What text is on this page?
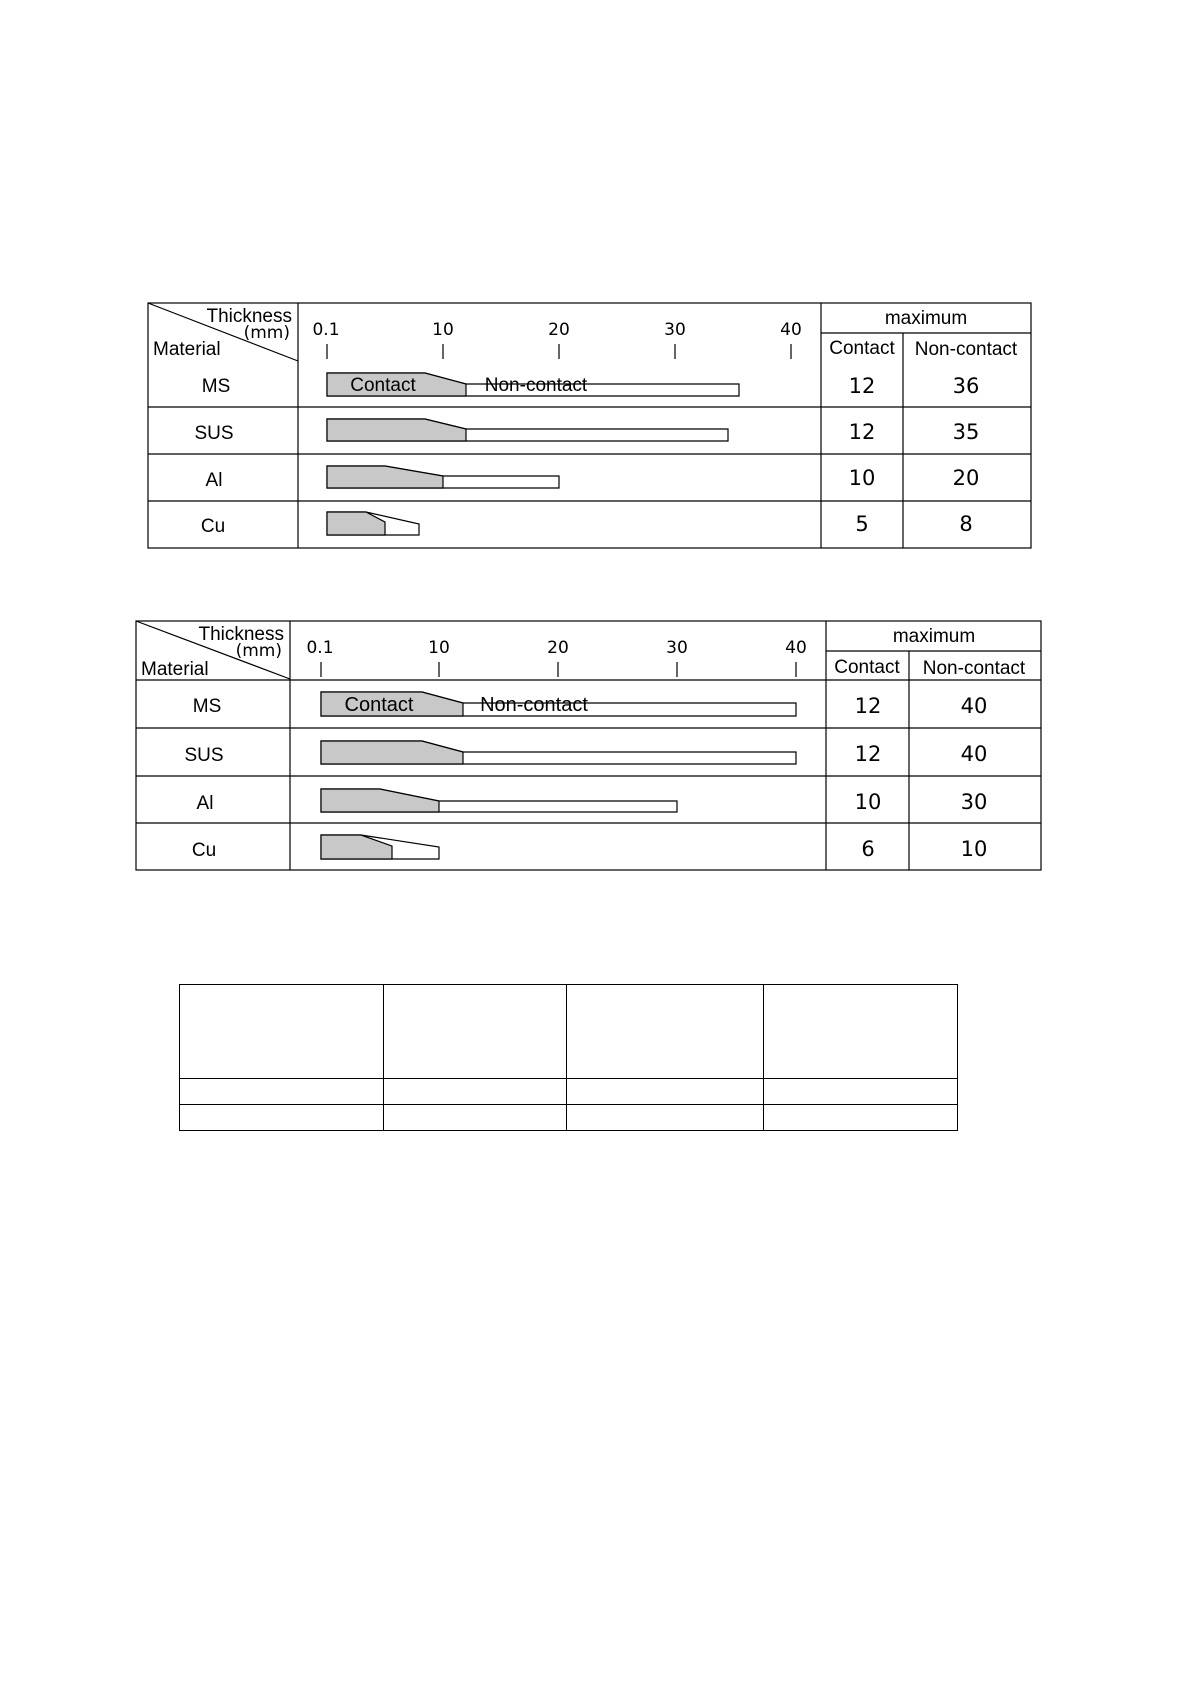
Thickness
(mm)
Material
maximum
Contact Non-contact
0.1	10	20	30	40
MS	Contact	Non-contact	12	36
SUS	12	35
Al	10	20
Cu	5	8
Thickness
(mm)
Material
maximum
Contact Non-contact
0.1	10	20	30	40
MS	Contact	Non-contact	12	40
SUS	12	40
Al	10	30
Cu	6	10
